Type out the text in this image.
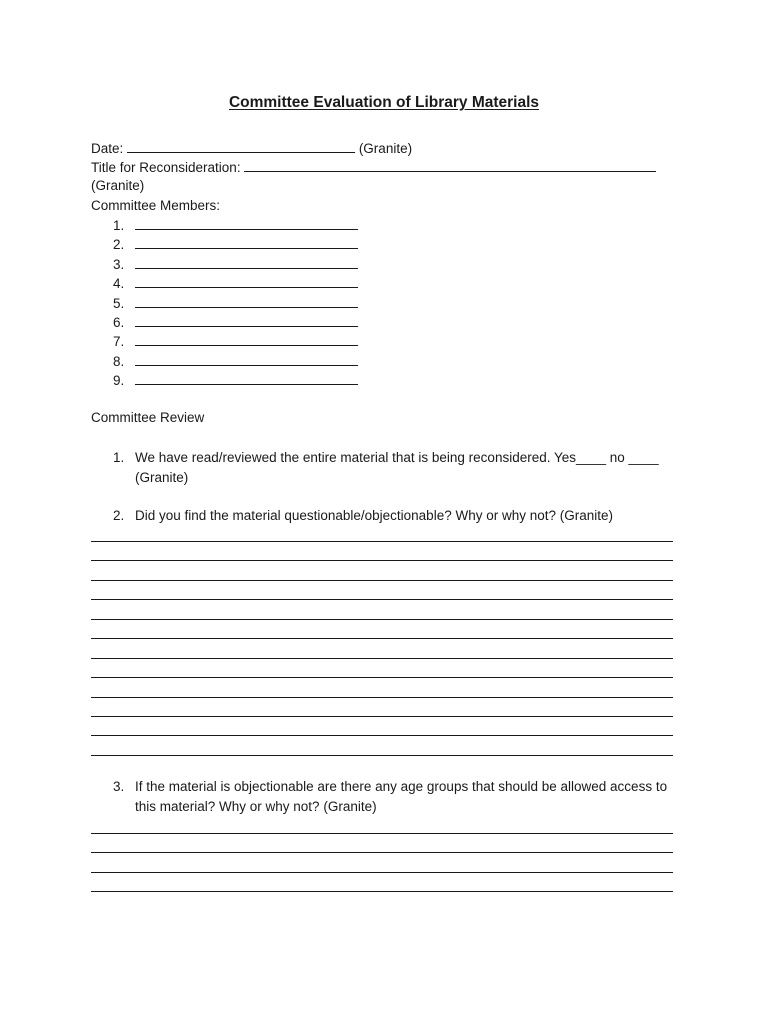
Committee Evaluation of Library Materials
Date:	(Granite)
Title for Reconsideration:
(Granite)
Committee Members:
1.
2.
3.
4.
5.
6.
7.
8.
9.
Committee Review
1. We have read/reviewed the entire material that is being reconsidered. Yes____ no ____ (Granite)
2. Did you find the material questionable/objectionable? Why or why not? (Granite)
3. If the material is objectionable are there any age groups that should be allowed access to this material? Why or why not? (Granite)
